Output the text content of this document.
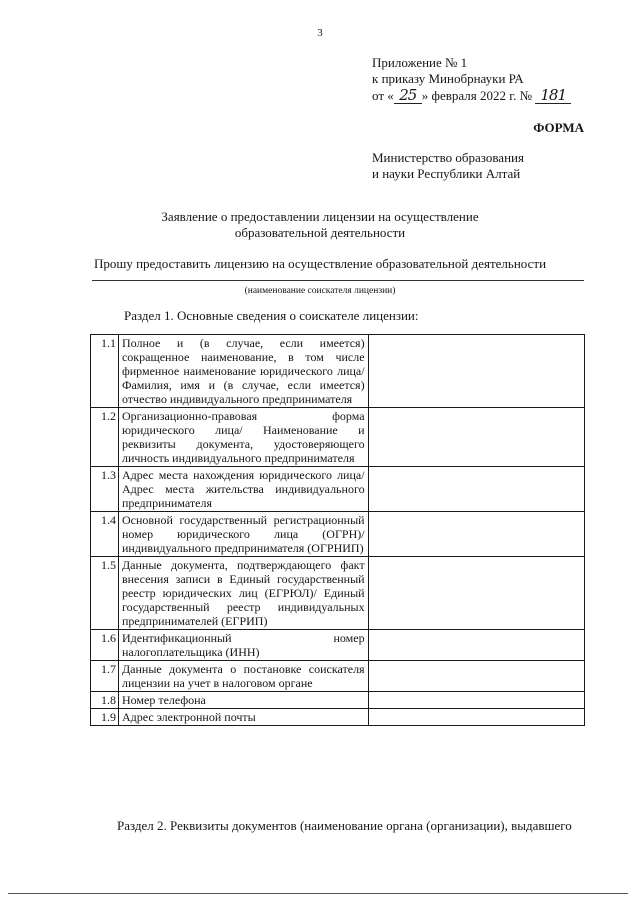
3
Приложение № 1
к приказу Минобрнауки РА
от « 25 » февраля 2022 г. № 181
ФОРМА
Министерство образования
и науки Республики Алтай
Заявление о предоставлении лицензии на осуществление
образовательной деятельности
Прошу предоставить лицензию на осуществление образовательной деятельности
(наименование соискателя лицензии)
Раздел 1. Основные сведения о соискателе лицензии:
1.1	Полное и (в случае, если имеется) сокращенное наименование, в том числе фирменное наименование юридического лица/Фамилия, имя и (в случае, если имеется) отчество индивидуального предпринимателя	
1.2	Организационно-правовая форма юридического лица/ Наименование и реквизиты документа, удостоверяющего личность индивидуального предпринимателя	
1.3	Адрес места нахождения юридического лица/ Адрес места жительства индивидуального предпринимателя	
1.4	Основной государственный регистрационный номер юридического лица (ОГРН)/ индивидуального предпринимателя (ОГРНИП)	
1.5	Данные документа, подтверждающего факт внесения записи в Единый государственный реестр юридических лиц (ЕГРЮЛ)/ Единый государственный реестр индивидуальных предпринимателей (ЕГРИП)	
1.6	Идентификационный номер налогоплательщика (ИНН)	
1.7	Данные документа о постановке соискателя лицензии на учет в налоговом органе	
1.8	Номер телефона	
1.9	Адрес электронной почты	
Раздел 2. Реквизиты документов (наименование органа (организации), выдавшего
